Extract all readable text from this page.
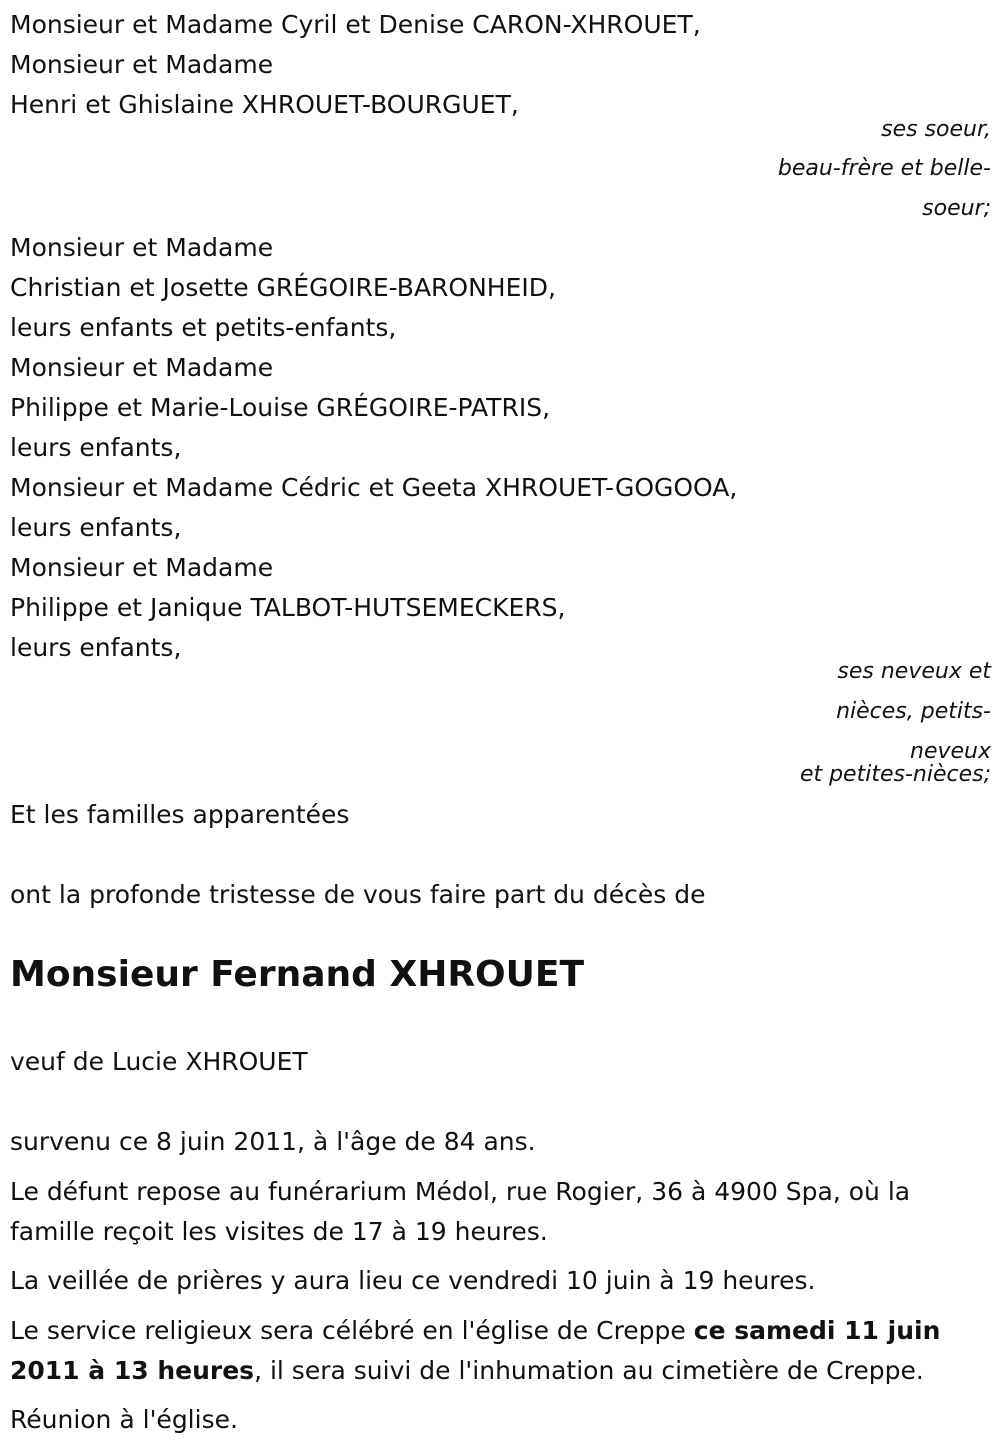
Monsieur et Madame Cyril et Denise CARON-XHROUET,
Monsieur et Madame
Henri et Ghislaine XHROUET-BOURGUET,
ses soeur,
beau-frère et belle-
soeur;
Monsieur et Madame
Christian et Josette GRÉGOIRE-BARONHEID,
leurs enfants et petits-enfants,
Monsieur et Madame
Philippe et Marie-Louise GRÉGOIRE-PATRIS,
leurs enfants,
Monsieur et Madame Cédric et Geeta XHROUET-GOGOOA,
leurs enfants,
Monsieur et Madame
Philippe et Janique TALBOT-HUTSEMECKERS,
leurs enfants,
ses neveux et
nièces, petits-
neveux
et petites-nièces;
Et les familles apparentées
ont la profonde tristesse de vous faire part du décès de
Monsieur Fernand XHROUET
veuf de Lucie XHROUET
survenu ce 8 juin 2011, à l'âge de 84 ans.
Le défunt repose au funérarium Médol, rue Rogier, 36 à 4900 Spa, où la famille reçoit les visites de 17 à 19 heures.
La veillée de prières y aura lieu ce vendredi 10 juin à 19 heures.
Le service religieux sera célébré en l'église de Creppe ce samedi 11 juin 2011 à 13 heures, il sera suivi de l'inhumation au cimetière de Creppe.
Réunion à l'église.
